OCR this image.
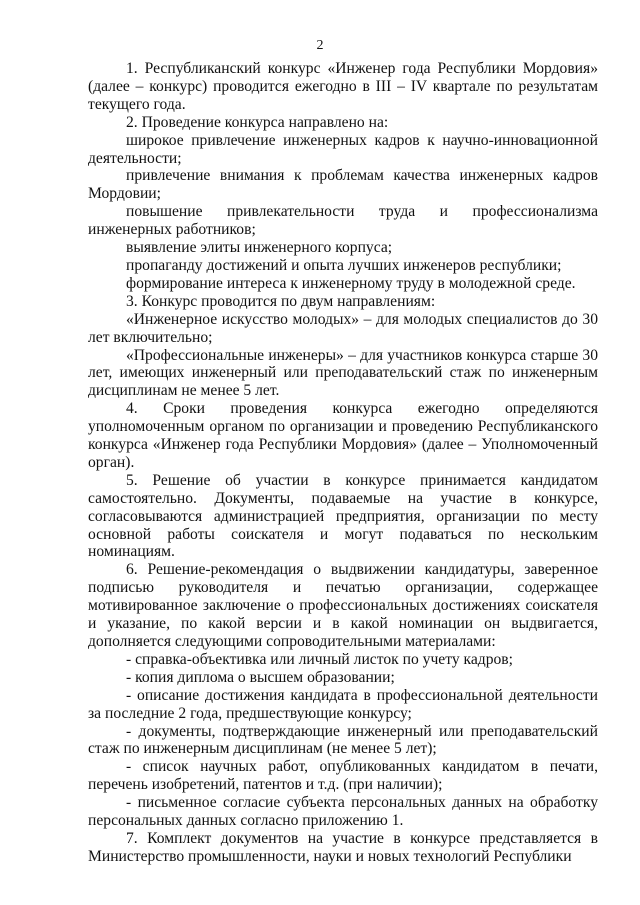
2

1. Республиканский конкурс «Инженер года Республики Мордовия» (далее – конкурс) проводится ежегодно в III – IV квартале по результатам текущего года.

2. Проведение конкурса направлено на:

широкое привлечение инженерных кадров к научно-инновационной деятельности;

привлечение внимания к проблемам качества инженерных кадров Мордовии;

повышение привлекательности труда и профессионализма инженерных работников;

выявление элиты инженерного корпуса;

пропаганду достижений и опыта лучших инженеров республики;

формирование интереса к инженерному труду в молодежной среде.

3. Конкурс проводится по двум направлениям:

«Инженерное искусство молодых» – для молодых специалистов до 30 лет включительно;

«Профессиональные инженеры» – для участников конкурса старше 30 лет, имеющих инженерный или преподавательский стаж по инженерным дисциплинам не менее 5 лет.

4. Сроки проведения конкурса ежегодно определяются уполномоченным органом по организации и проведению Республиканского конкурса «Инженер года Республики Мордовия» (далее – Уполномоченный орган).

5. Решение об участии в конкурсе принимается кандидатом самостоятельно. Документы, подаваемые на участие в конкурсе, согласовываются администрацией предприятия, организации по месту основной работы соискателя и могут подаваться по нескольким номинациям.

6. Решение-рекомендация о выдвижении кандидатуры, заверенное подписью руководителя и печатью организации, содержащее мотивированное заключение о профессиональных достижениях соискателя и указание, по какой версии и в какой номинации он выдвигается, дополняется следующими сопроводительными материалами:

- справка-объективка или личный листок по учету кадров;

- копия диплома о высшем образовании;

- описание достижения кандидата в профессиональной деятельности за последние 2 года, предшествующие конкурсу;

- документы, подтверждающие инженерный или преподавательский стаж по инженерным дисциплинам (не менее 5 лет);

- список научных работ, опубликованных кандидатом в печати, перечень изобретений, патентов и т.д. (при наличии);

- письменное согласие субъекта персональных данных на обработку персональных данных согласно приложению 1.

7. Комплект документов на участие в конкурсе представляется в Министерство промышленности, науки и новых технологий Республики
